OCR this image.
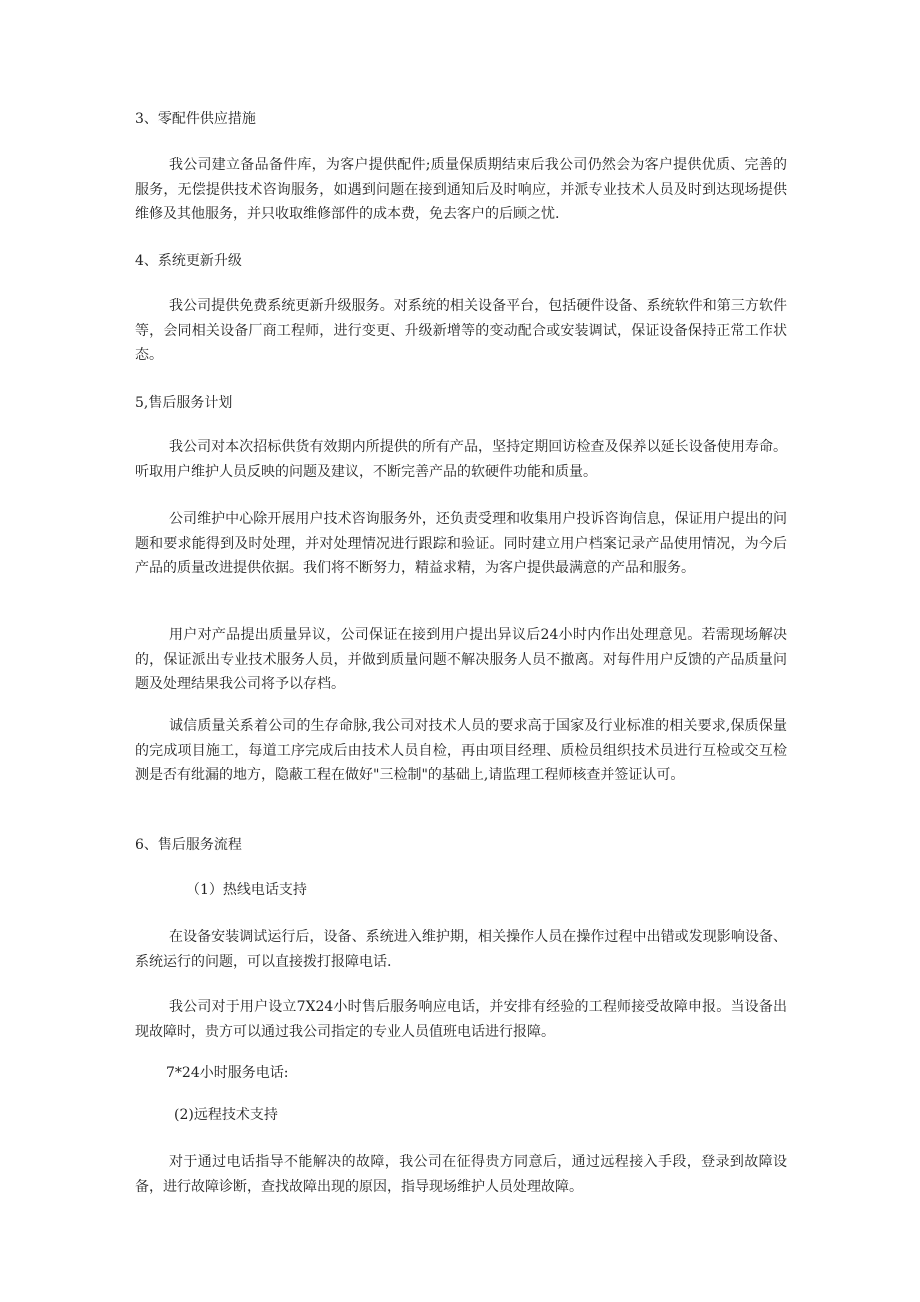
3、零配件供应措施

我公司建立备品备件库，为客户提供配件;质量保质期结束后我公司仍然会为客户提供优质、完善的服务，无偿提供技术咨询服务，如遇到问题在接到通知后及时响应，并派专业技术人员及时到达现场提供维修及其他服务，并只收取维修部件的成本费，免去客户的后顾之忧.

4、系统更新升级

我公司提供免费系统更新升级服务。对系统的相关设备平台，包括硬件设备、系统软件和第三方软件等，会同相关设备厂商工程师，进行变更、升级新增等的变动配合或安装调试，保证设备保持正常工作状态。

5,售后服务计划

我公司对本次招标供货有效期内所提供的所有产品，坚持定期回访检查及保养以延长设备使用寿命。听取用户维护人员反映的问题及建议，不断完善产品的软硬件功能和质量。

公司维护中心除开展用户技术咨询服务外，还负责受理和收集用户投诉咨询信息，保证用户提出的问题和要求能得到及时处理，并对处理情况进行跟踪和验证。同时建立用户档案记录产品使用情况，为今后产品的质量改进提供依据。我们将不断努力，精益求精，为客户提供最满意的产品和服务。

用户对产品提出质量异议，公司保证在接到用户提出异议后24小时内作出处理意见。若需现场解决的，保证派出专业技术服务人员，并做到质量问题不解决服务人员不撤离。对每件用户反馈的产品质量问题及处理结果我公司将予以存档。

诚信质量关系着公司的生存命脉,我公司对技术人员的要求高于国家及行业标准的相关要求,保质保量的完成项目施工，每道工序完成后由技术人员自检，再由项目经理、质检员组织技术员进行互检或交互检测是否有纰漏的地方，隐蔽工程在做好"三检制"的基础上,请监理工程师核查并签证认可。

6、售后服务流程
（1）热线电话支持

在设备安装调试运行后，设备、系统进入维护期，相关操作人员在操作过程中出错或发现影响设备、系统运行的问题，可以直接拨打报障电话.

我公司对于用户设立7X24小时售后服务响应电话，并安排有经验的工程师接受故障申报。当设备出现故障时，贵方可以通过我公司指定的专业人员值班电话进行报障。

7*24小时服务电话:
(2)远程技术支持

对于通过电话指导不能解决的故障，我公司在征得贵方同意后，通过远程接入手段，登录到故障设备，进行故障诊断，查找故障出现的原因，指导现场维护人员处理故障。
